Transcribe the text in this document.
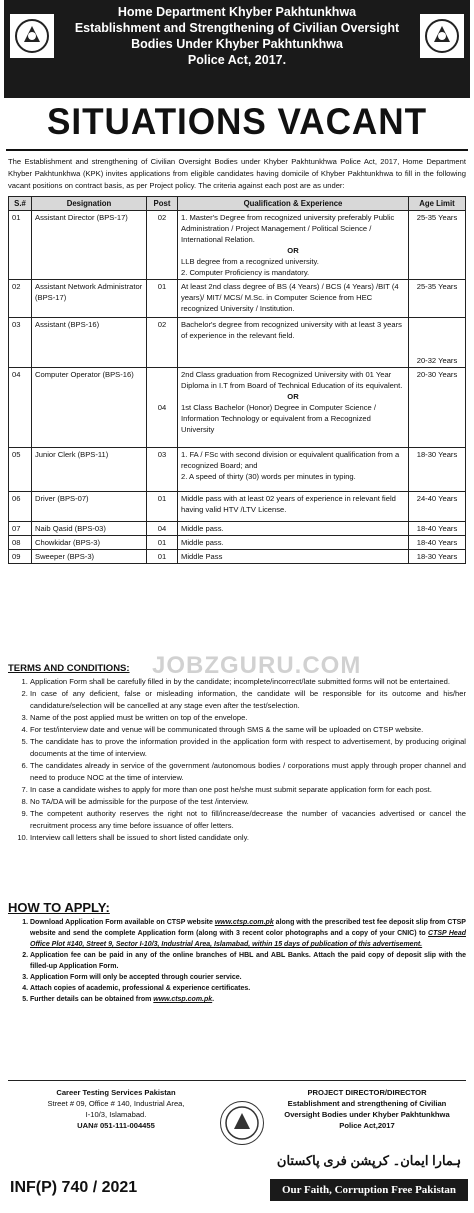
Home Department Khyber Pakhtunkhwa
Establishment and Strengthening of Civilian Oversight
Bodies Under Khyber Pakhtunkhwa
Police Act, 2017.
SITUATIONS VACANT
The Establishment and strengthening of Civilian Oversight Bodies under Khyber Pakhtunkhwa Police Act, 2017, Home Department Khyber Pakhtunkhwa (KPK) invites applications from eligible candidates having domicile of Khyber Pakhtunkhwa to fill in the following vacant positions on contract basis, as per Project policy. The criteria against each post are as under:
S.#	Designation	Post	Qualification & Experience	Age Limit
01	Assistant Director (BPS-17)	02	1. Master's Degree from recognized university preferably Public Administration / Project Management / Political Science / International Relation.
OR
LLB degree from a recognized university.
2. Computer Proficiency is mandatory.	25-35 Years
02	Assistant Network Administrator (BPS-17)	01	At least 2nd class degree of BS (4 Years) / BCS (4 Years) /BIT (4 years)/ MIT/ MCS/ M.Sc. in Computer Science from HEC recognized University / Institution.	25-35 Years
03	Assistant (BPS-16)	02	Bachelor's degree from recognized university with at least 3 years of experience in the relevant field.	20-32 Years
04	Computer Operator (BPS-16)	04	2nd Class graduation from Recognized University with 01 Year Diploma in I.T from Board of Technical Education of its equivalent.
OR
1st Class Bachelor (Honor) Degree in Computer Science / Information Technology or equivalent from a Recognized University	20-30 Years
05	Junior Clerk (BPS-11)	03	1. FA / FSc with second division or equivalent qualification from a recognized Board; and
2. A speed of thirty (30) words per minutes in typing.	18-30 Years
06	Driver (BPS-07)	01	Middle pass with at least 02 years of experience in relevant field having valid HTV /LTV License.	24-40 Years
07	Naib Qasid (BPS-03)	04	Middle pass.	18-40 Years
08	Chowkidar (BPS-3)	01	Middle pass.	18-40 Years
09	Sweeper (BPS-3)	01	Middle Pass	18-30 Years
JOBZGURU.COM
TERMS AND CONDITIONS:
1. Application Form shall be carefully filled in by the candidate; incomplete/incorrect/late submitted forms will not be entertained.
2. In case of any deficient, false or misleading information, the candidate will be responsible for its outcome and his/her candidature/selection will be cancelled at any stage even after the test/selection.
3. Name of the post applied must be written on top of the envelope.
4. For test/interview date and venue will be communicated through SMS & the same will be uploaded on CTSP website.
5. The candidate has to prove the information provided in the application form with respect to advertisement, by producing original documents at the time of interview.
6. The candidates already in service of the government /autonomous bodies / corporations must apply through proper channel and need to produce NOC at the time of interview.
7. In case a candidate wishes to apply for more than one post he/she must submit separate application form for each post.
8. No TA/DA will be admissible for the purpose of the test /interview.
9. The competent authority reserves the right not to fill/increase/decrease the number of vacancies advertised or cancel the recruitment process any time before issuance of offer letters.
10. Interview call letters shall be issued to short listed candidate only.
HOW TO APPLY:
1. Download Application Form available on CTSP website www.ctsp.com.pk along with the prescribed test fee deposit slip from CTSP website and send the complete Application form (along with 3 recent color photographs and a copy of your CNIC) to CTSP Head Office Plot #140, Street 9, Sector I-10/3, Industrial Area, Islamabad, within 15 days of publication of this advertisement.
2. Application fee can be paid in any of the online branches of HBL and ABL Banks. Attach the paid copy of deposit slip with the filled-up Application Form.
3. Application Form will only be accepted through courier service.
4. Attach copies of academic, professional & experience certificates.
5. Further details can be obtained from www.ctsp.com.pk.
Career Testing Services Pakistan
Street # 09, Office # 140, Industrial Area,
I-10/3, Islamabad.
UAN# 051-111-004455
PROJECT DIRECTOR/DIRECTOR
Establishment and strengthening of Civilian
Oversight Bodies under Khyber Pakhtunkhwa
Police Act,2017
ہمارا ایمان۔ کرپشن فری پاکستان
INF(P) 740 / 2021	Our Faith, Corruption Free Pakistan
